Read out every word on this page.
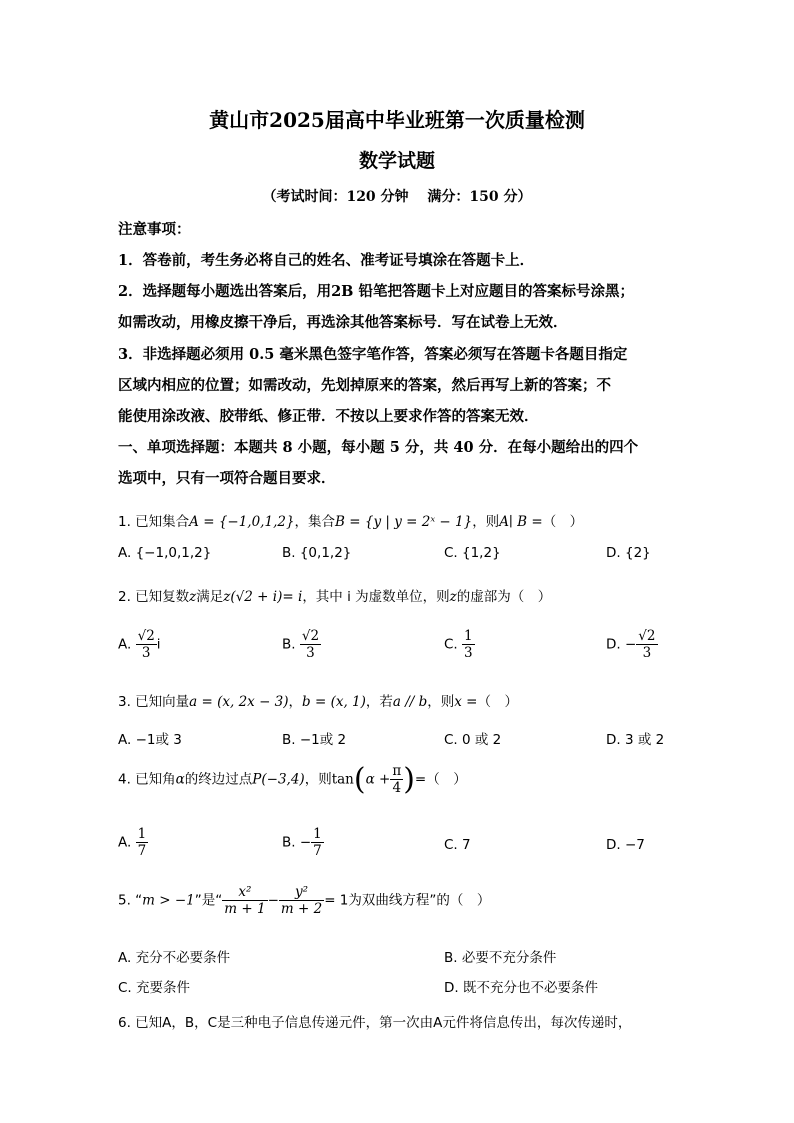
黄山市2025届高中毕业班第一次质量检测
数学试题
（考试时间：120 分钟　 满分：150 分）
注意事项：
1．答卷前，考生务必将自己的姓名、准考证号填涂在答题卡上．
2．选择题每小题选出答案后，用2B 铅笔把答题卡上对应题目的答案标号涂黑；
如需改动，用橡皮擦干净后，再选涂其他答案标号．写在试卷上无效．
3．非选择题必须用 0.5 毫米黑色签字笔作答，答案必须写在答题卡各题目指定
区域内相应的位置；如需改动，先划掉原来的答案，然后再写上新的答案；不
能使用涂改液、胶带纸、修正带．不按以上要求作答的答案无效．
一、单项选择题：本题共 8 小题，每小题 5 分，共 40 分．在每小题给出的四个
选项中，只有一项符合题目要求．
1. 已知集合A = {−1,0,1,2}，集合B = {y | y = 2ˣ − 1}，则A∣ B =（　）
A. {−1,0,1,2}	B. {0,1,2}	C. {1,2}	D. {2}
2. 已知复数z满足z(√2 + i)= i，其中 i 为虚数单位，则z的虚部为（　）
A. $\frac{√2}{3}$ i	B. $\frac{√2}{3}$	C. $\frac{1}{3}$	D. − $\frac{√2}{3}$
3. 已知向量a = (x, 2x − 3)，b = (x, 1)，若a // b，则x =（　）
A. −1或 3	B. −1或 2	C. 0 或 2	D. 3 或 2
4. 已知角α的终边过点P(−3,4)，则$\tan(\alpha + \frac{\pi}{4}$ )=（　）
A. $\frac{1}{7}$	B. − $\frac{1}{7}$	C. 7	D. −7
5. “m > −1”是“ $\frac{\text{x²}}{m + 1} - \frac{\text{y²}}{m + 2} = 1$为双曲线方程”的（　）
A. 充分不必要条件	B. 必要不充分条件
C. 充要条件	D. 既不充分也不必要条件
6. 已知A，B，C是三种电子信息传递元件，第一次由A元件将信息传出，每次传递时，
